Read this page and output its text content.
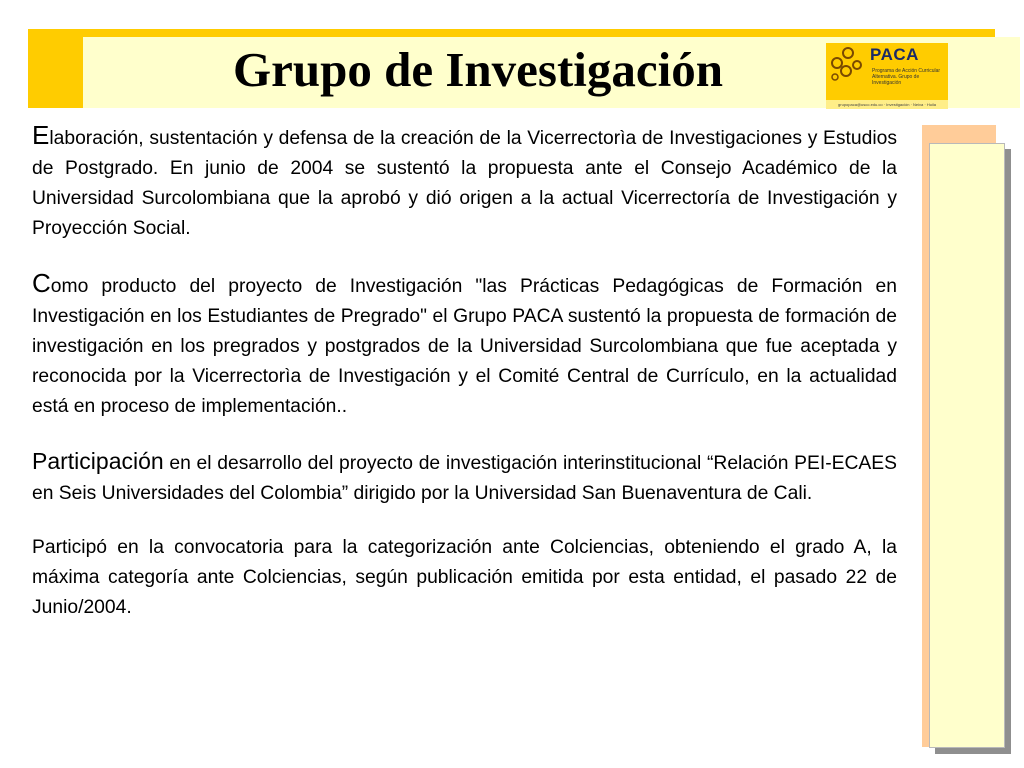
Grupo de Investigación	PACA
Programa de Acción Curricular Alternativa. Grupo de Investigación
grupopaca@usco.edu.co · Investigación · Neiva · Huila

Elaboración, sustentación y defensa de la creación de la Vicerrectorìa de Investigaciones y Estudios de Postgrado. En junio de 2004 se sustentó la propuesta ante el Consejo Académico de la Universidad Surcolombiana que la aprobó y dió origen a la actual Vicerrectoría de Investigación y Proyección Social.

Como producto del proyecto de Investigación "las Prácticas Pedagógicas de Formación en Investigación en los Estudiantes de Pregrado" el Grupo PACA sustentó la propuesta de formación de investigación en los pregrados y postgrados de la Universidad Surcolombiana que fue aceptada y reconocida por la Vicerrectorìa de Investigación y el Comité Central de Currículo, en la actualidad está en proceso de implementación..

Participación en el desarrollo del proyecto de investigación interinstitucional “Relación PEI-ECAES en Seis Universidades del Colombia” dirigido por la Universidad San Buenaventura de Cali.

Participó en la convocatoria para la categorización ante Colciencias, obteniendo el grado A, la máxima categoría ante Colciencias, según publicación emitida por esta entidad, el pasado 22 de Junio/2004.
